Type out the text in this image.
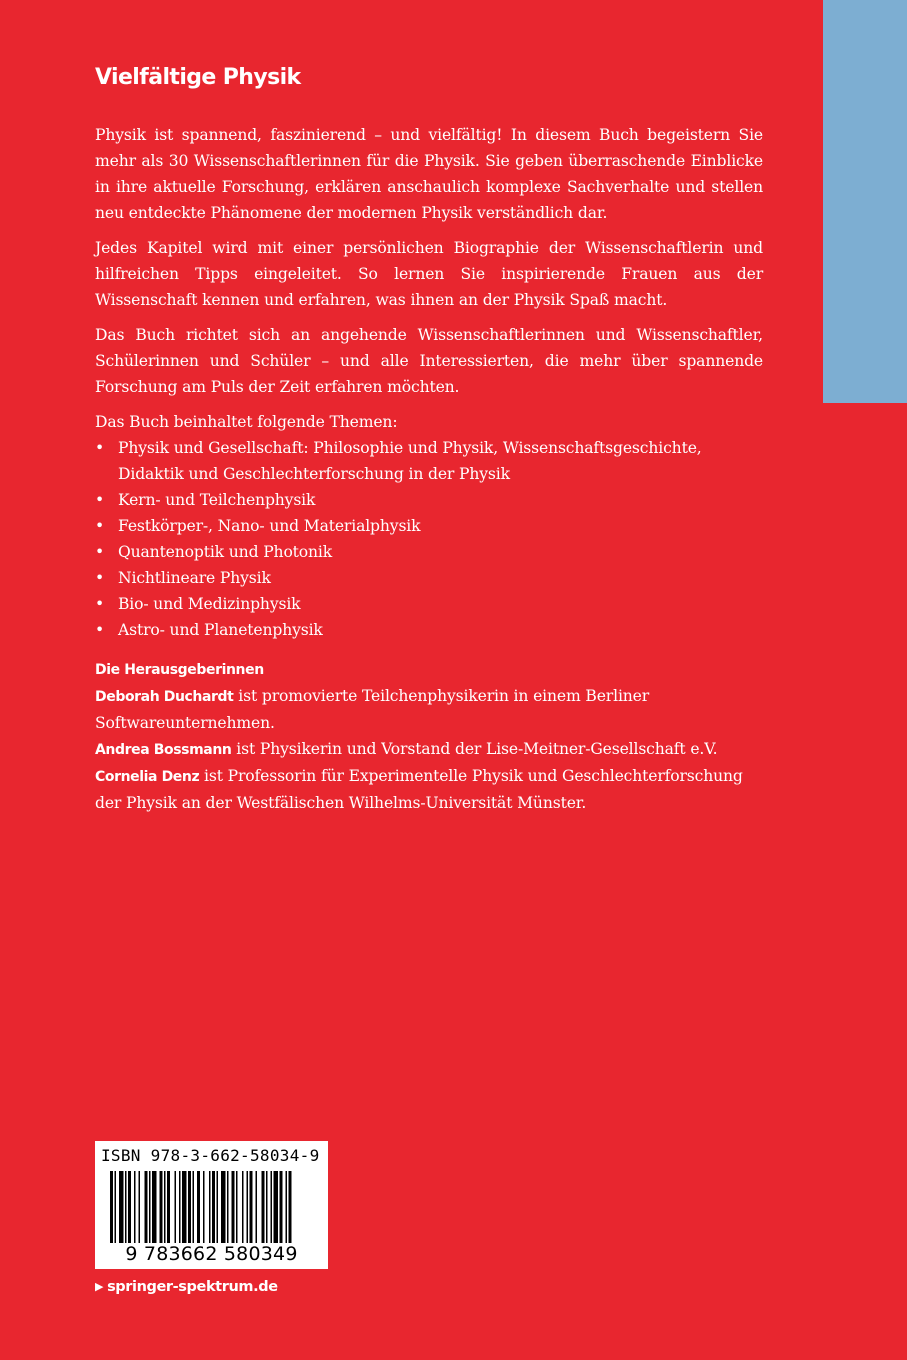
Vielfältige Physik

Physik ist spannend, faszinierend – und vielfältig! In diesem Buch begeistern Sie mehr als 30 Wissenschaftlerinnen für die Physik. Sie geben überraschende Einblicke in ihre aktuelle Forschung, erklären anschaulich komplexe Sachverhalte und stellen neu entdeckte Phänomene der modernen Physik verständlich dar.

Jedes Kapitel wird mit einer persönlichen Biographie der Wissenschaftlerin und hilfreichen Tipps eingeleitet. So lernen Sie inspirierende Frauen aus der Wissenschaft kennen und erfahren, was ihnen an der Physik Spaß macht.

Das Buch richtet sich an angehende Wissenschaftlerinnen und Wissenschaftler, Schülerinnen und Schüler – und alle Interessierten, die mehr über spannende Forschung am Puls der Zeit erfahren möchten.

Das Buch beinhaltet folgende Themen:

• Physik und Gesellschaft: Philosophie und Physik, Wissenschaftsgeschichte, Didaktik und Geschlechterforschung in der Physik
• Kern- und Teilchenphysik
• Festkörper-, Nano- und Materialphysik
• Quantenoptik und Photonik
• Nichtlineare Physik
• Bio- und Medizinphysik
• Astro- und Planetenphysik

Die Herausgeberinnen

Deborah Duchardt ist promovierte Teilchenphysikerin in einem Berliner Softwareunternehmen.

Andrea Bossmann ist Physikerin und Vorstand der Lise-Meitner-Gesellschaft e.V.

Cornelia Denz ist Professorin für Experimentelle Physik und Geschlechterforschung der Physik an der Westfälischen Wilhelms-Universität Münster.

ISBN 978-3-662-58034-9
9 783662 580349
▶ springer-spektrum.de
